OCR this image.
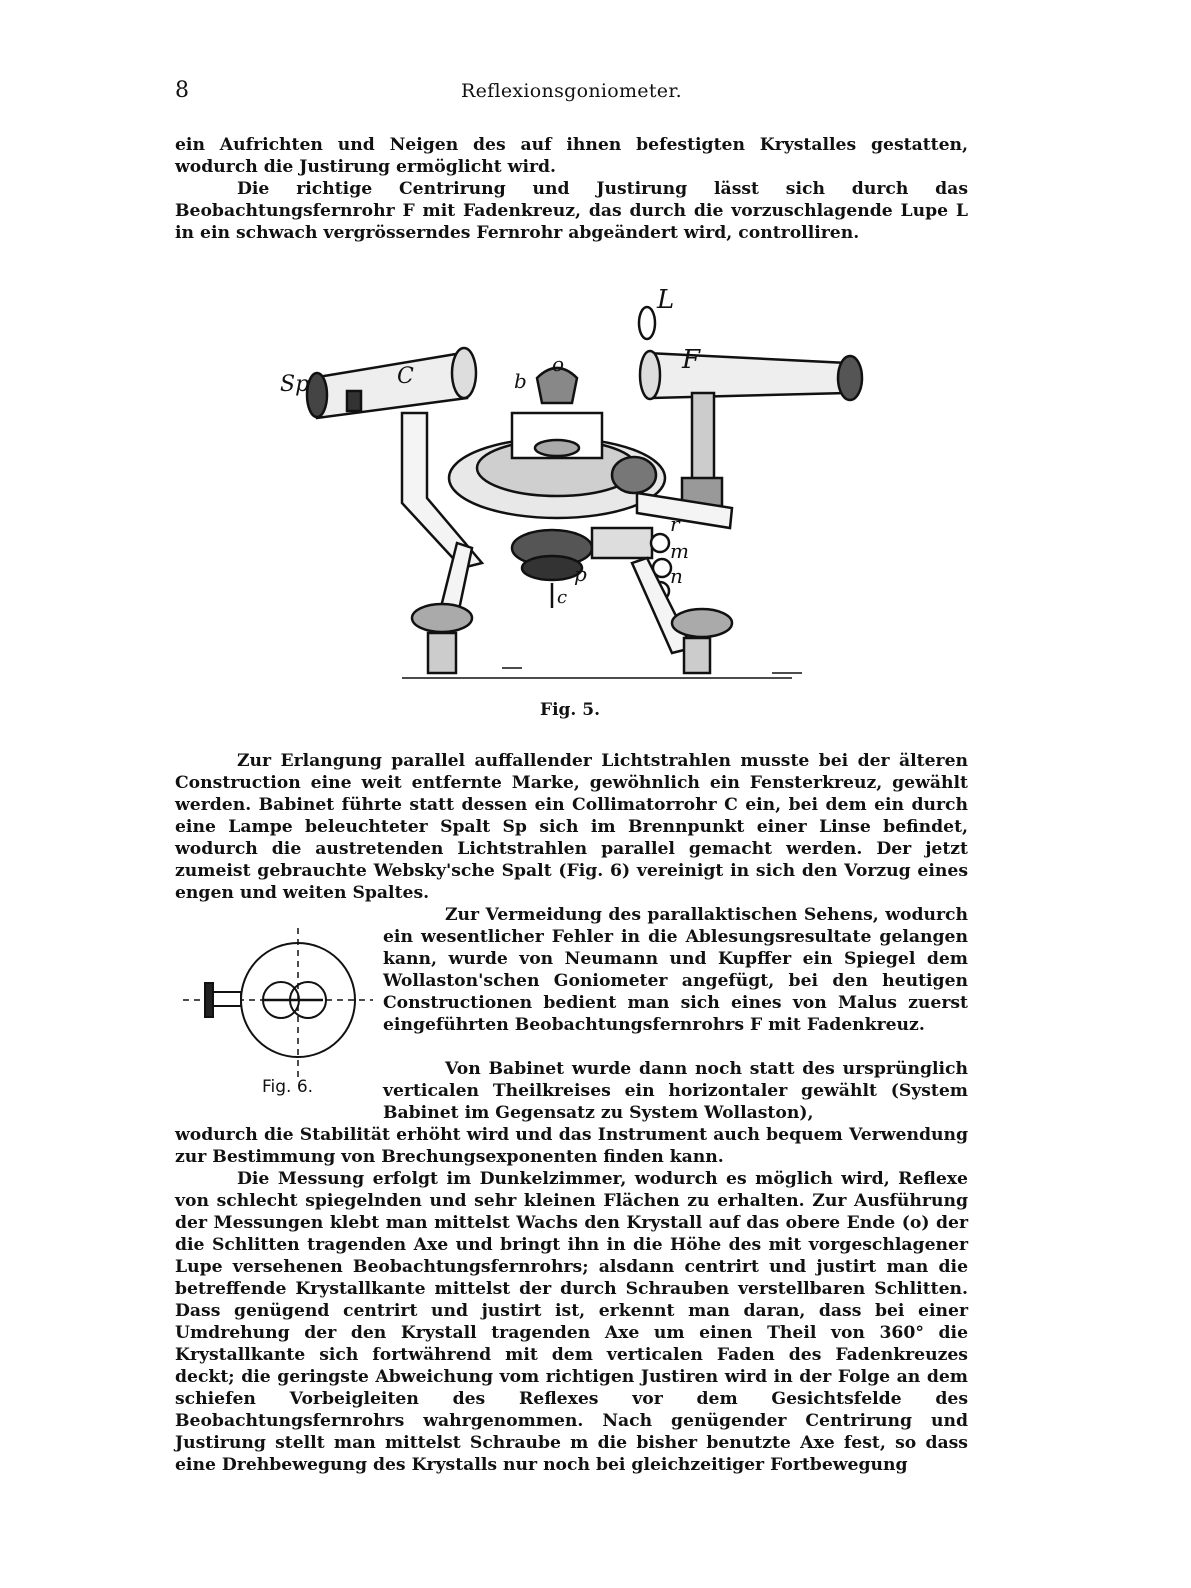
8	Reflexionsgoniometer.

ein Aufrichten und Neigen des auf ihnen befestigten Krystalles gestatten, wodurch die Justirung ermöglicht wird.

Die richtige Centrirung und Justirung lässt sich durch das Beobachtungsfernrohr F mit Fadenkreuz, das durch die vorzuschlagende Lupe L in ein schwach vergrösserndes Fernrohr abgeändert wird, controlliren.

L
F
Sp	C	o
b
r
m
n
p
c
Fig. 5.

Zur Erlangung parallel auffallender Lichtstrahlen musste bei der älteren Construction eine weit entfernte Marke, gewöhnlich ein Fensterkreuz, gewählt werden. Babinet führte statt dessen ein Collimatorrohr C ein, bei dem ein durch eine Lampe beleuchteter Spalt Sp sich im Brennpunkt einer Linse befindet, wodurch die austretenden Lichtstrahlen parallel gemacht werden. Der jetzt zumeist gebrauchte Websky'sche Spalt (Fig. 6) vereinigt in sich den Vorzug eines engen und weiten Spaltes.

Fig. 6.

Zur Vermeidung des parallaktischen Sehens, wodurch ein wesentlicher Fehler in die Ablesungsresultate gelangen kann, wurde von Neumann und Kupffer ein Spiegel dem Wollaston'schen Goniometer angefügt, bei den heutigen Constructionen bedient man sich eines von Malus zuerst eingeführten Beobachtungsfernrohrs F mit Fadenkreuz.

Von Babinet wurde dann noch statt des ursprünglich verticalen Theilkreises ein horizontaler gewählt (System Babinet im Gegensatz zu System Wollaston),

wodurch die Stabilität erhöht wird und das Instrument auch bequem Verwendung zur Bestimmung von Brechungsexponenten finden kann.

Die Messung erfolgt im Dunkelzimmer, wodurch es möglich wird, Reflexe von schlecht spiegelnden und sehr kleinen Flächen zu erhalten. Zur Ausführung der Messungen klebt man mittelst Wachs den Krystall auf das obere Ende (o) der die Schlitten tragenden Axe und bringt ihn in die Höhe des mit vorgeschlagener Lupe versehenen Beobachtungsfernrohrs; alsdann centrirt und justirt man die betreffende Krystallkante mittelst der durch Schrauben verstellbaren Schlitten. Dass genügend centrirt und justirt ist, erkennt man daran, dass bei einer Umdrehung der den Krystall tragenden Axe um einen Theil von 360° die Krystallkante sich fortwährend mit dem verticalen Faden des Fadenkreuzes deckt; die geringste Abweichung vom richtigen Justiren wird in der Folge an dem schiefen Vorbeigleiten des Reflexes vor dem Gesichtsfelde des Beobachtungsfernrohrs wahrgenommen. Nach genügender Centrirung und Justirung stellt man mittelst Schraube m die bisher benutzte Axe fest, so dass eine Drehbewegung des Krystalls nur noch bei gleichzeitiger Fortbewegung
